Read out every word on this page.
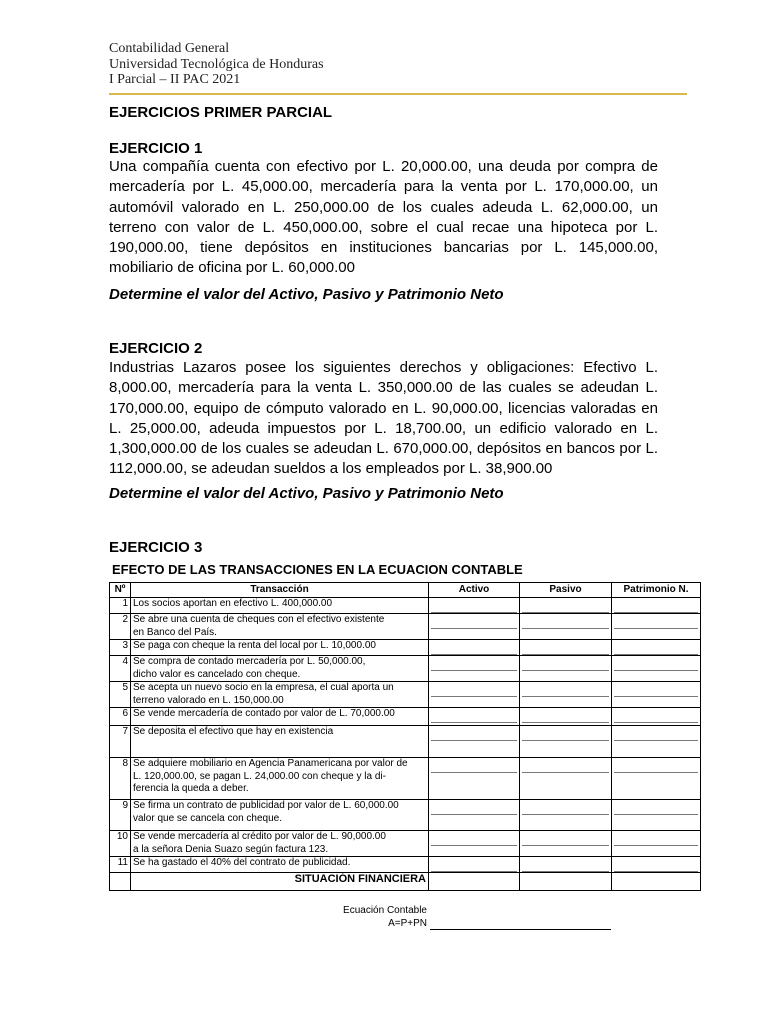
Contabilidad General
Universidad Tecnológica de Honduras
I Parcial – II PAC 2021
EJERCICIOS PRIMER PARCIAL
EJERCICIO 1
Una compañía cuenta con efectivo por L. 20,000.00, una deuda por compra de mercadería por L. 45,000.00, mercadería para la venta por L. 170,000.00, un automóvil valorado en L. 250,000.00 de los cuales adeuda L. 62,000.00, un terreno con valor de L. 450,000.00, sobre el cual recae una hipoteca por L. 190,000.00, tiene depósitos en instituciones bancarias por L. 145,000.00, mobiliario de oficina por L. 60,000.00
Determine el valor del Activo, Pasivo y Patrimonio Neto
EJERCICIO 2
Industrias Lazaros posee los siguientes derechos y obligaciones: Efectivo L. 8,000.00, mercadería para la venta L. 350,000.00 de las cuales se adeudan L. 170,000.00, equipo de cómputo valorado en L. 90,000.00, licencias valoradas en L. 25,000.00, adeuda impuestos por L. 18,700.00, un edificio valorado en L. 1,300,000.00 de los cuales se adeudan L. 670,000.00, depósitos en bancos por L. 112,000.00, se adeudan sueldos a los empleados por L. 38,900.00
Determine el valor del Activo, Pasivo y Patrimonio Neto
EJERCICIO 3
EFECTO DE LAS TRANSACCIONES EN LA ECUACION CONTABLE
Nº	Transacción	Activo	Pasivo	Patrimonio N.
1	Los socios aportan en efectivo L. 400,000.00			

2	Se abre una cuenta de cheques con el efectivo existente
en Banco del País.			

3	Se paga con cheque la renta del local por L. 10,000.00			

4	Se compra de contado mercadería por L. 50,000.00,
dicho valor es cancelado con cheque.			

5	Se acepta un nuevo socio en la empresa, el cual aporta un
terreno valorado en L. 150,000.00			

6	Se vende mercadería de contado por valor de L. 70,000.00			

7	Se deposita el efectivo que hay en existencia			

8	Se adquiere mobiliario en Agencia Panamericana por valor de
L. 120,000.00, se pagan L. 24,000.00 con cheque y la di-
ferencia la queda a deber.			

9	Se firma un contrato de publicidad por valor de L. 60,000.00
valor que se cancela con cheque.			

10	Se vende mercadería al crédito por valor de L. 90,000.00
a la señora Denia Suazo según factura 123.			

11	Se ha gastado el 40% del contrato de publicidad.			

	SITUACIÓN FINANCIERA			
Ecuación Contable
A=P+PN
